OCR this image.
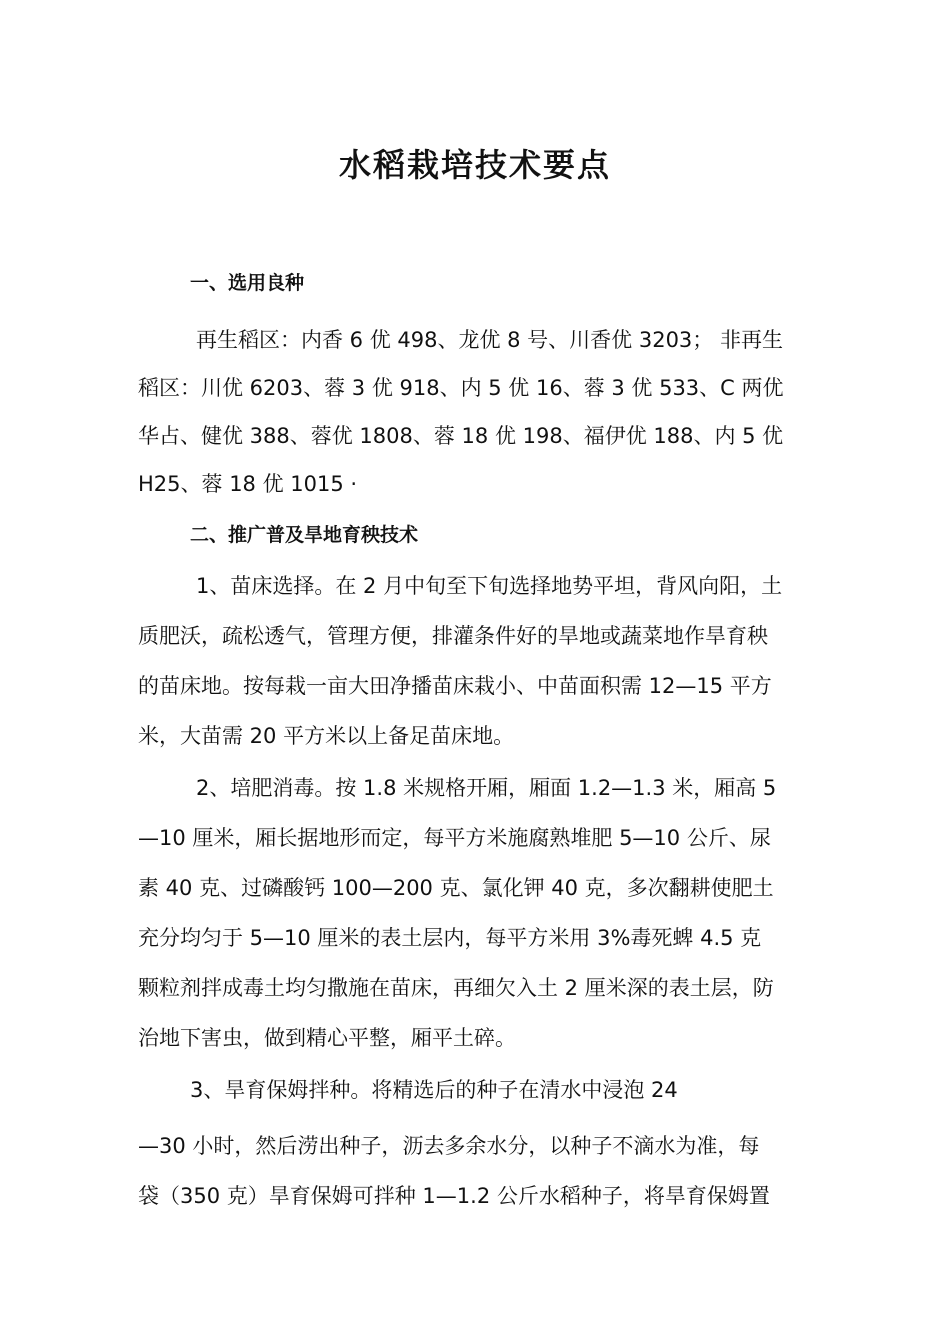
水稻栽培技术要点
一、选用良种
再生稻区：内香 6 优 498、龙优 8 号、川香优 3203； 非再生
稻区：川优 6203、蓉 3 优 918、内 5 优 16、蓉 3 优 533、C 两优
华占、健优 388、蓉优 1808、蓉 18 优 198、福伊优 188、内 5 优
H25、蓉 18 优 1015 ·
二、推广普及旱地育秧技术
1、苗床选择。在 2 月中旬至下旬选择地势平坦，背风向阳，土
质肥沃，疏松透气，管理方便，排灌条件好的旱地或蔬菜地作旱育秧
的苗床地。按每栽一亩大田净播苗床栽小、中苗面积需 12—15 平方
米，大苗需 20 平方米以上备足苗床地。
2、培肥消毒。按 1.8 米规格开厢，厢面 1.2—1.3 米，厢高 5
—10 厘米，厢长据地形而定，每平方米施腐熟堆肥 5—10 公斤、尿
素 40 克、过磷酸钙 100—200 克、氯化钾 40 克，多次翻耕使肥土
充分均匀于 5—10 厘米的表土层内，每平方米用 3%毒死蜱 4.5 克
颗粒剂拌成毒土均匀撒施在苗床，再细欠入土 2 厘米深的表土层，防
治地下害虫，做到精心平整，厢平土碎。
3、旱育保姆拌种。将精选后的种子在清水中浸泡 24
—30 小时，然后涝出种子，沥去多余水分，以种子不滴水为准，每
袋（350 克）旱育保姆可拌种 1—1.2 公斤水稻种子，将旱育保姆置
